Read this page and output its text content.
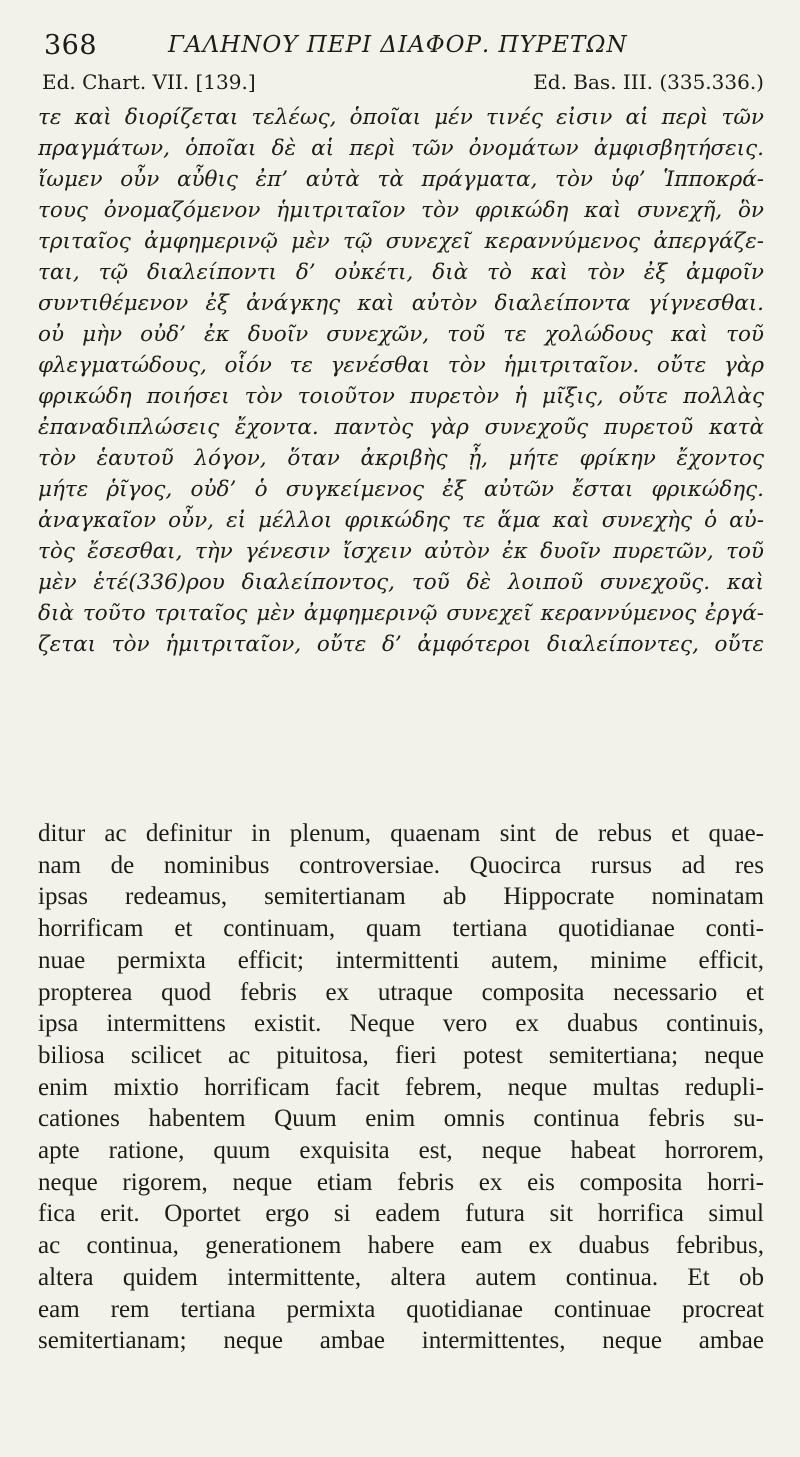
368	ΓΑΛΗΝΟΥ ΠΕΡΙ ΔΙΑΦΟΡ. ΠΥΡΕΤΩΝ
Ed. Chart. VII. [139.]	Ed. Bas. III. (335.336.)
τε καὶ διορίζεται τελέως, ὁποῖαι μέν τινές εἰσιν αἱ περὶ τῶν
πραγμάτων, ὁποῖαι δὲ αἱ περὶ τῶν ὀνομάτων ἀμφισβητήσεις.
ἴωμεν οὖν αὖθις ἐπ’ αὐτὰ τὰ πράγματα, τὸν ὑφ’ Ἱπποκρά-
τους ὀνομαζόμενον ἡμιτριταῖον τὸν φρικώδη καὶ συνεχῆ, ὃν
τριταῖος ἀμφημερινῷ μὲν τῷ συνεχεῖ κεραννύμενος ἀπεργάζε-
ται, τῷ διαλείποντι δ’ οὐκέτι, διὰ τὸ καὶ τὸν ἐξ ἀμφοῖν
συντιθέμενον ἐξ ἀνάγκης καὶ αὐτὸν διαλείποντα γίγνεσθαι.
οὐ μὴν οὐδ’ ἐκ δυοῖν συνεχῶν, τοῦ τε χολώδους καὶ τοῦ
φλεγματώδους, οἷόν τε γενέσθαι τὸν ἡμιτριταῖον. οὔτε γὰρ
φρικώδη ποιήσει τὸν τοιοῦτον πυρετὸν ἡ μῖξις, οὔτε πολλὰς
ἐπαναδιπλώσεις ἔχοντα. παντὸς γὰρ συνεχοῦς πυρετοῦ κατὰ
τὸν ἑαυτοῦ λόγον, ὅταν ἀκριβὴς ᾖ, μήτε φρίκην ἔχοντος
μήτε ῥῖγος, οὐδ’ ὁ συγκείμενος ἐξ αὐτῶν ἔσται φρικώδης.
ἀναγκαῖον οὖν, εἰ μέλλοι φρικώδης τε ἅμα καὶ συνεχὴς ὁ αὐ-
τὸς ἔσεσθαι, τὴν γένεσιν ἴσχειν αὐτὸν ἐκ δυοῖν πυρετῶν, τοῦ
μὲν ἑτέ(336)ρου διαλείποντος, τοῦ δὲ λοιποῦ συνεχοῦς. καὶ
διὰ τοῦτο τριταῖος μὲν ἀμφημερινῷ συνεχεῖ κεραννύμενος ἐργά-
ζεται τὸν ἡμιτριταῖον, οὔτε δ’ ἀμφότεροι διαλείποντες, οὔτε
ditur ac definitur in plenum, quaenam sint de rebus et quae-
nam de nominibus controversiae. Quocirca rursus ad res
ipsas redeamus, semitertianam ab Hippocrate nominatam
horrificam et continuam, quam tertiana quotidianae conti-
nuae permixta efficit; intermittenti autem, minime efficit,
propterea quod febris ex utraque composita necessario et
ipsa intermittens existit. Neque vero ex duabus continuis,
biliosa scilicet ac pituitosa, fieri potest semitertiana; neque
enim mixtio horrificam facit febrem, neque multas redupli-
cationes habentem Quum enim omnis continua febris su-
apte ratione, quum exquisita est, neque habeat horrorem,
neque rigorem, neque etiam febris ex eis composita horri-
fica erit. Oportet ergo si eadem futura sit horrifica simul
ac continua, generationem habere eam ex duabus febribus,
altera quidem intermittente, altera autem continua. Et ob
eam rem tertiana permixta quotidianae continuae procreat
semitertianam; neque ambae intermittentes, neque ambae
